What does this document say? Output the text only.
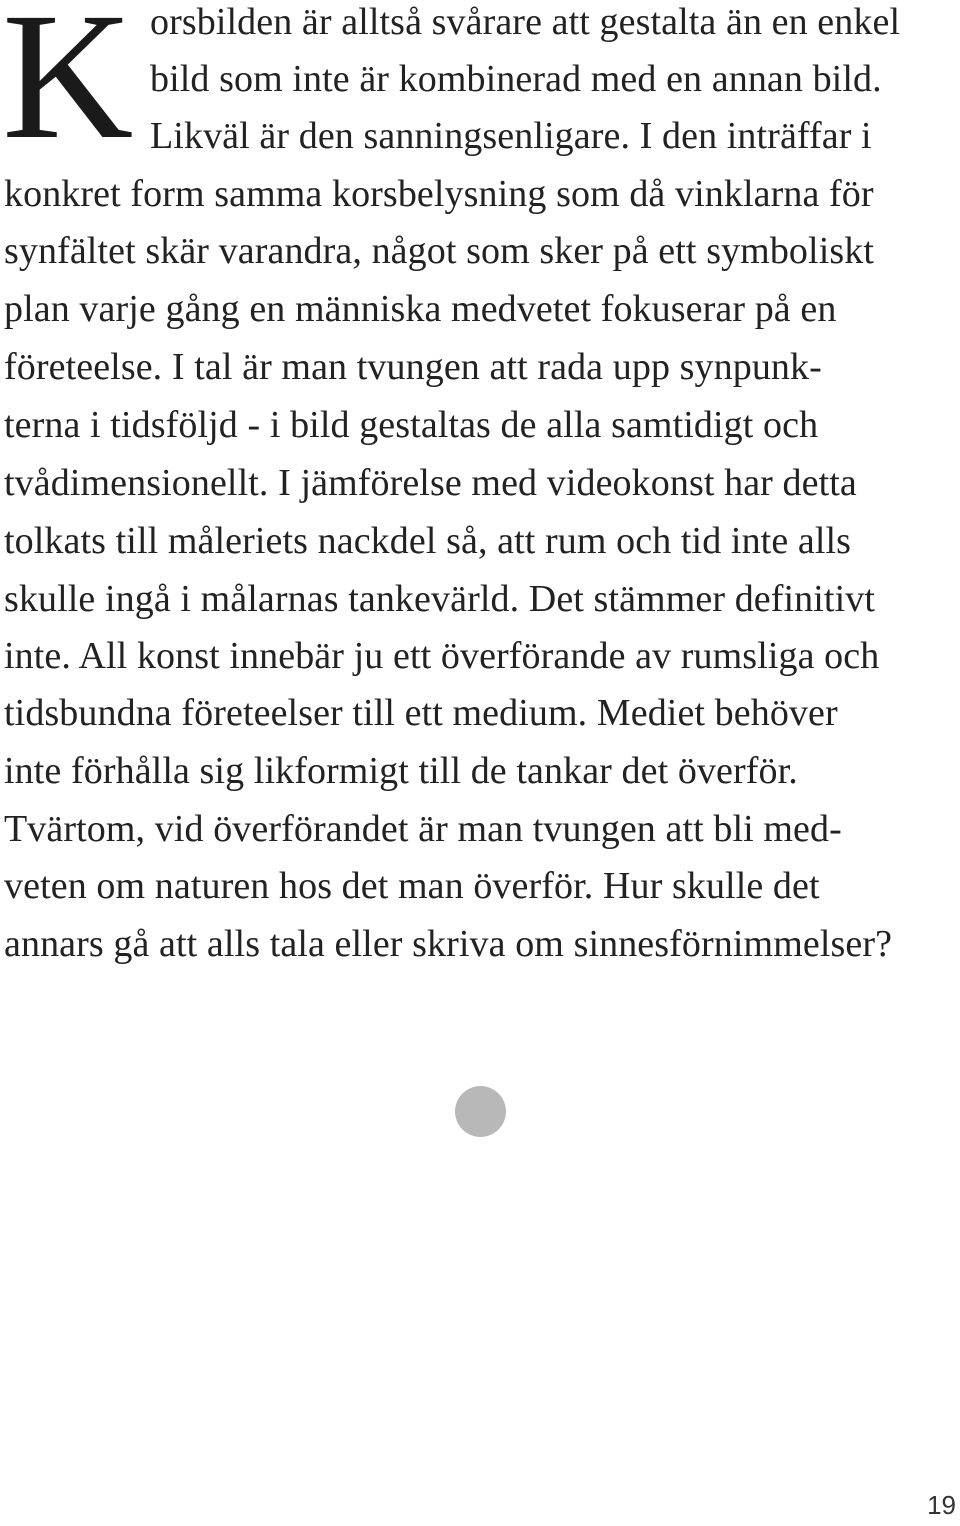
K orsbilden är alltså svårare att gestalta än en enkel
bild som inte är kombinerad med en annan bild.
Likväl är den sanningsenligare. I den inträffar i
konkret form samma korsbelysning som då vinklarna för
synfältet skär varandra, något som sker på ett symboliskt
plan varje gång en människa medvetet fokuserar på en
företeelse. I tal är man tvungen att rada upp synpunk-
terna i tidsföljd - i bild gestaltas de alla samtidigt och
tvådimensionellt. I jämförelse med videokonst har detta
tolkats till måleriets nackdel så, att rum och tid inte alls
skulle ingå i målarnas tankevärld. Det stämmer definitivt
inte. All konst innebär ju ett överförande av rumsliga och
tidsbundna företeelser till ett medium. Mediet behöver
inte förhålla sig likformigt till de tankar det överför.
Tvärtom, vid överförandet är man tvungen att bli med-
veten om naturen hos det man överför. Hur skulle det
annars gå att alls tala eller skriva om sinnesförnimmelser?
19
